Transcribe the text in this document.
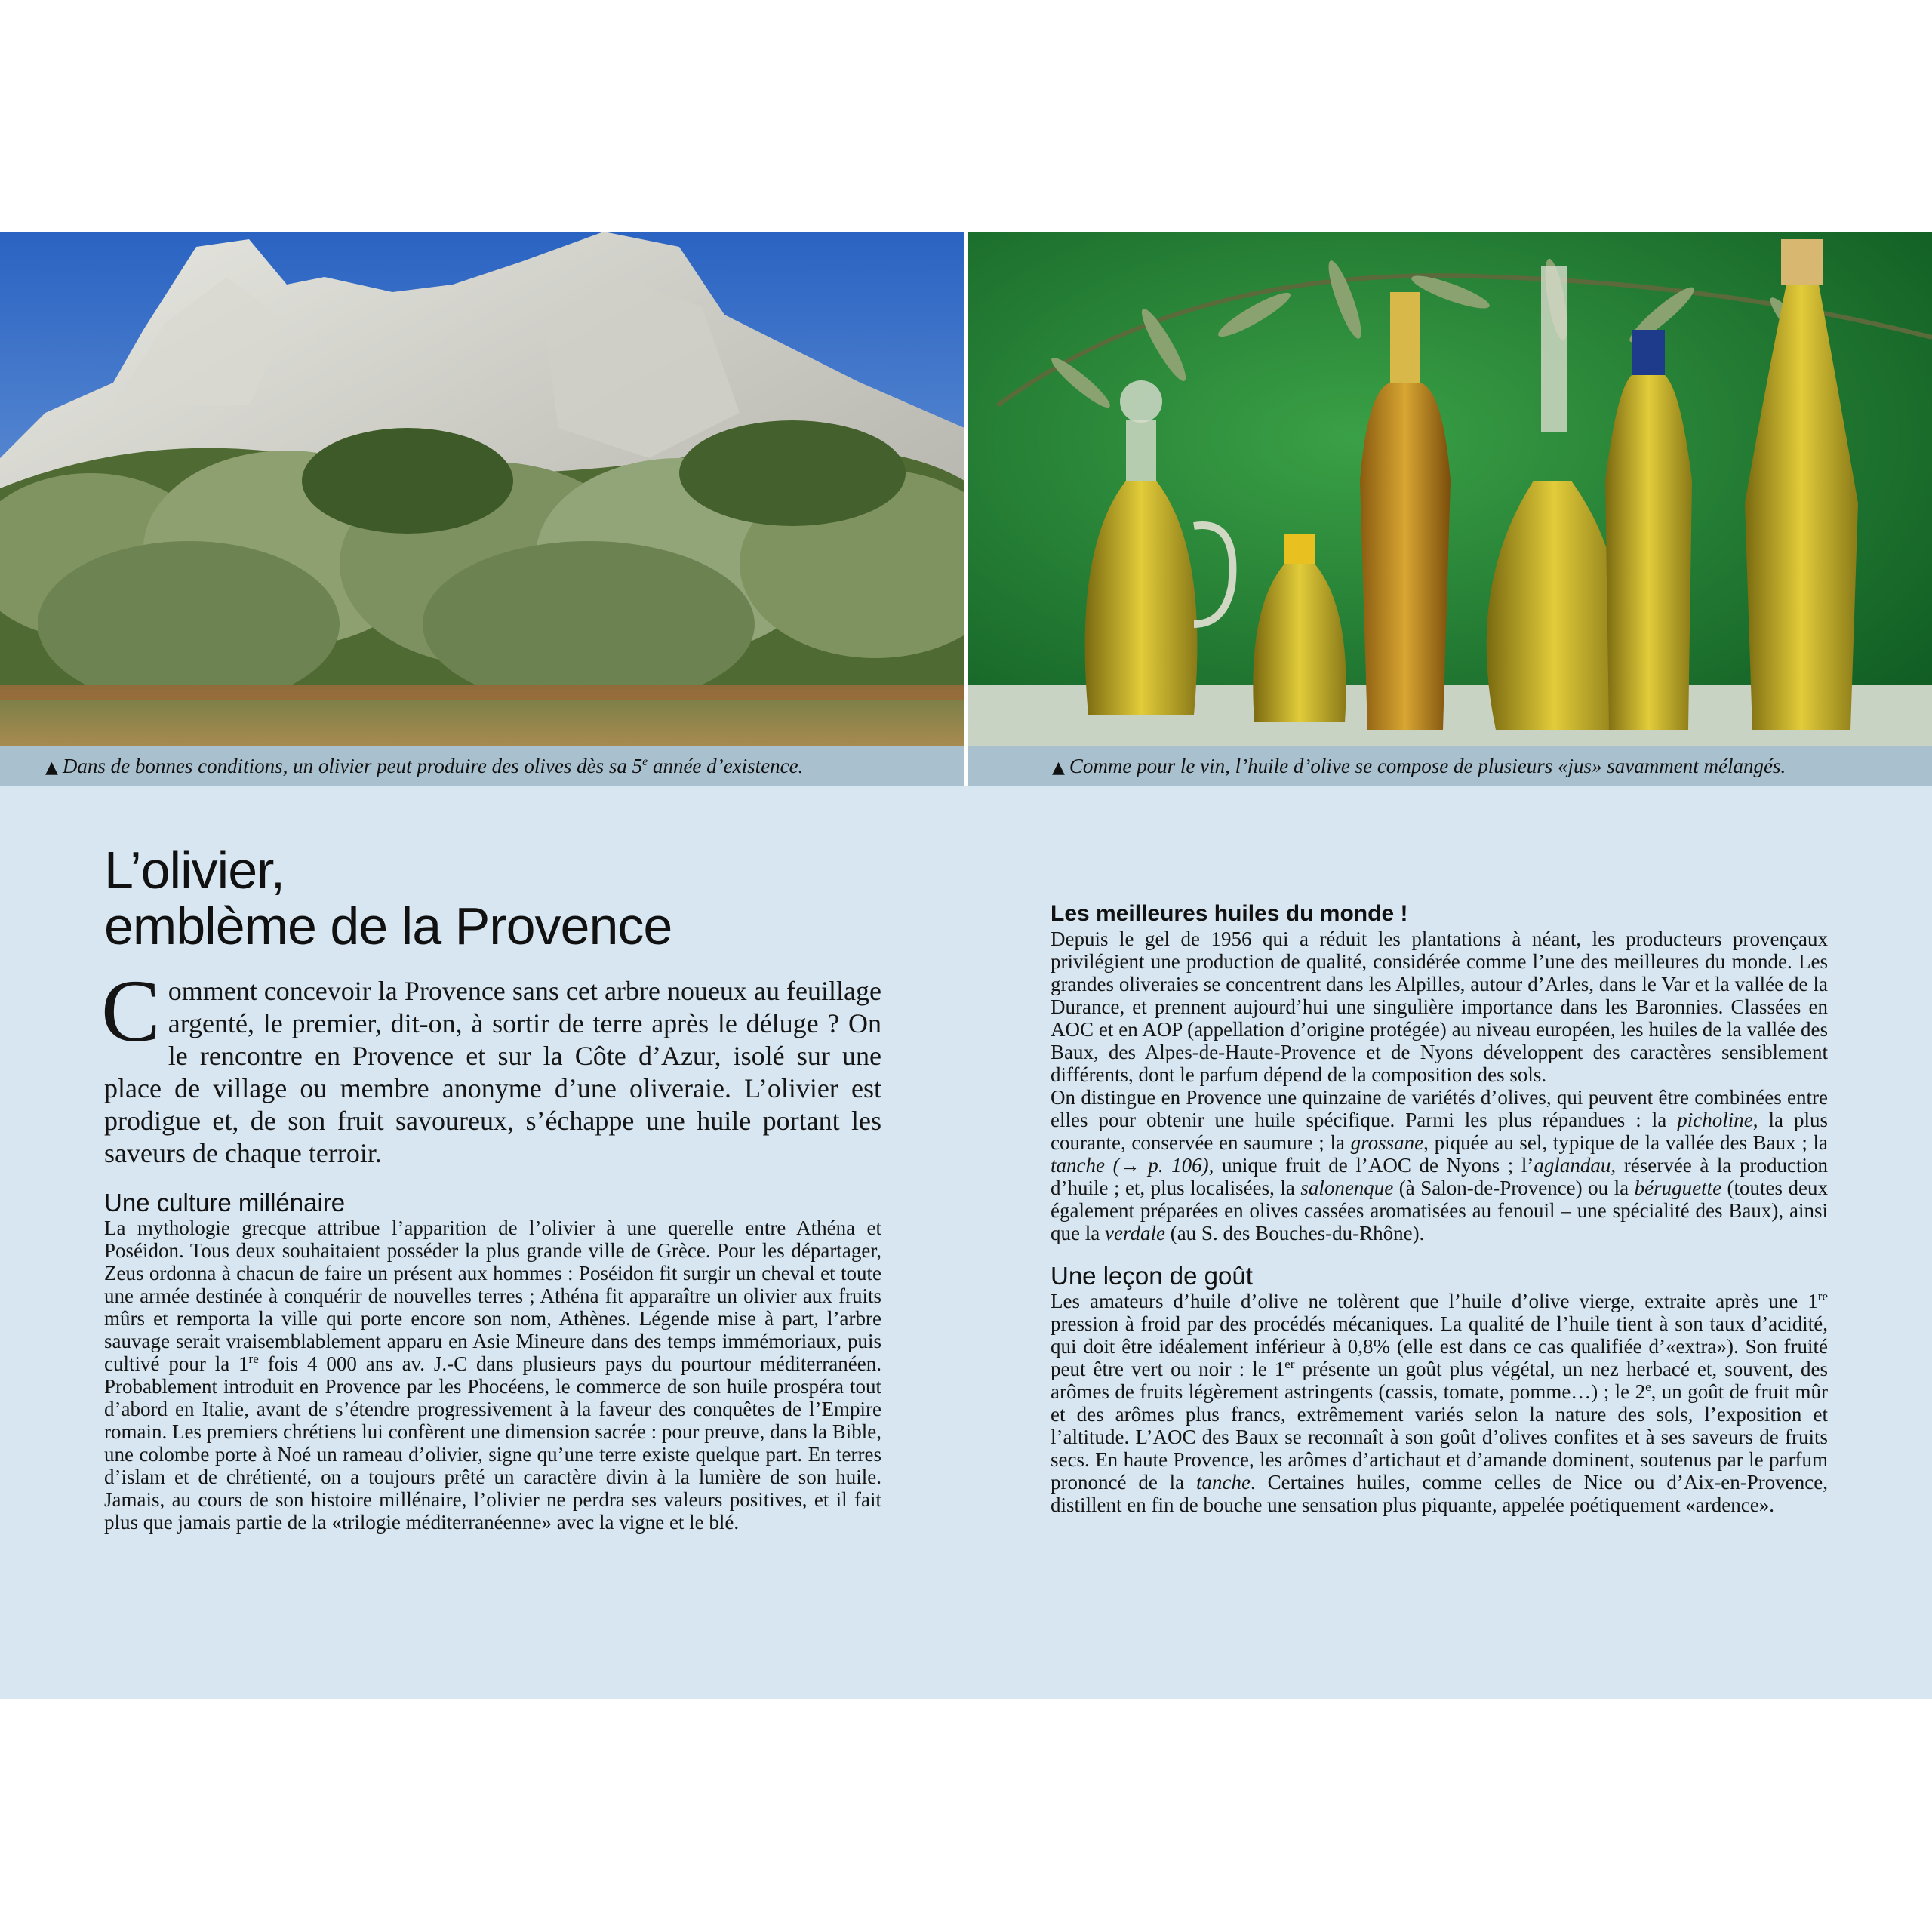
▲ Dans de bonnes conditions, un olivier peut produire des olives dès sa 5e année d’existence.	▲ Comme pour le vin, l’huile d’olive se compose de plusieurs «jus» savamment mélangés.
L’olivier,
emblème de la Provence

Comment concevoir la Provence sans cet arbre noueux au feuillage argenté, le premier, dit-on, à sortir de terre après le déluge ? On le rencontre en Provence et sur la Côte d’Azur, isolé sur une place de village ou membre anonyme d’une oliveraie. L’olivier est prodigue et, de son fruit savoureux, s’échappe une huile portant les saveurs de chaque terroir.

Une culture millénaire

La mythologie grecque attribue l’apparition de l’olivier à une querelle entre Athéna et Poséidon. Tous deux souhaitaient posséder la plus grande ville de Grèce. Pour les départager, Zeus ordonna à chacun de faire un présent aux hommes : Poséidon fit surgir un cheval et toute une armée destinée à conquérir de nouvelles terres ; Athéna fit apparaître un olivier aux fruits mûrs et remporta la ville qui porte encore son nom, Athènes. Légende mise à part, l’arbre sauvage serait vraisemblablement apparu en Asie Mineure dans des temps immémoriaux, puis cultivé pour la 1re fois 4 000 ans av. J.-C dans plusieurs pays du pourtour méditerranéen. Probablement introduit en Provence par les Phocéens, le commerce de son huile prospéra tout d’abord en Italie, avant de s’étendre progressivement à la faveur des conquêtes de l’Empire romain. Les premiers chrétiens lui confèrent une dimension sacrée : pour preuve, dans la Bible, une colombe porte à Noé un rameau d’olivier, signe qu’une terre existe quelque part. En terres d’islam et de chrétienté, on a toujours prêté un caractère divin à la lumière de son huile. Jamais, au cours de son histoire millénaire, l’olivier ne perdra ses valeurs positives, et il fait plus que jamais partie de la «trilogie méditerranéenne» avec la vigne et le blé.

Les meilleures huiles du monde !

Depuis le gel de 1956 qui a réduit les plantations à néant, les producteurs provençaux privilégient une production de qualité, considérée comme l’une des meilleures du monde. Les grandes oliveraies se concentrent dans les Alpilles, autour d’Arles, dans le Var et la vallée de la Durance, et prennent aujourd’hui une singulière importance dans les Baronnies. Classées en AOC et en AOP (appellation d’origine protégée) au niveau européen, les huiles de la vallée des Baux, des Alpes-de-Haute-Provence et de Nyons développent des caractères sensiblement différents, dont le parfum dépend de la composition des sols.

On distingue en Provence une quinzaine de variétés d’olives, qui peuvent être combinées entre elles pour obtenir une huile spécifique. Parmi les plus répandues : la picholine, la plus courante, conservée en saumure ; la grossane, piquée au sel, typique de la vallée des Baux ; la tanche (→ p. 106), unique fruit de l’AOC de Nyons ; l’aglandau, réservée à la production d’huile ; et, plus localisées, la salonenque (à Salon-de-Provence) ou la béruguette (toutes deux également préparées en olives cassées aromatisées au fenouil – une spécialité des Baux), ainsi que la verdale (au S. des Bouches-du-Rhône).

Une leçon de goût

Les amateurs d’huile d’olive ne tolèrent que l’huile d’olive vierge, extraite après une 1re pression à froid par des procédés mécaniques. La qualité de l’huile tient à son taux d’acidité, qui doit être idéalement inférieur à 0,8% (elle est dans ce cas qualifiée d’«extra»). Son fruité peut être vert ou noir : le 1er présente un goût plus végétal, un nez herbacé et, souvent, des arômes de fruits légèrement astringents (cassis, tomate, pomme…) ; le 2e, un goût de fruit mûr et des arômes plus francs, extrêmement variés selon la nature des sols, l’exposition et l’altitude. L’AOC des Baux se reconnaît à son goût d’olives confites et à ses saveurs de fruits secs. En haute Provence, les arômes d’artichaut et d’amande dominent, soutenus par le parfum prononcé de la tanche. Certaines huiles, comme celles de Nice ou d’Aix-en-Provence, distillent en fin de bouche une sensation plus piquante, appelée poétiquement «ardence».
